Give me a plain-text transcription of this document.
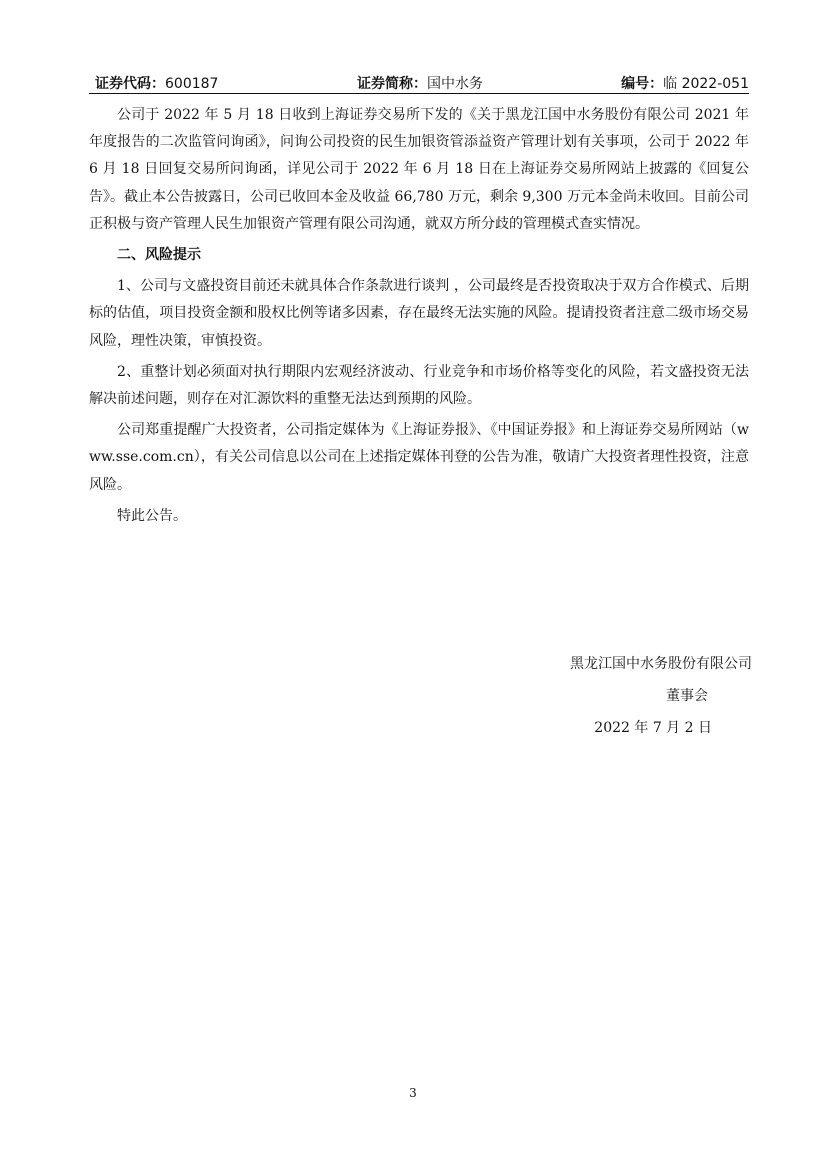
证券代码：600187	证券简称：国中水务	编号：临 2022-051

公司于 2022 年 5 月 18 日收到上海证券交易所下发的《关于黑龙江国中水务股份有限公司 2021 年年度报告的二次监管问询函》，问询公司投资的民生加银资管添益资产管理计划有关事项，公司于 2022 年 6 月 18 日回复交易所问询函，详见公司于 2022 年 6 月 18 日在上海证券交易所网站上披露的《回复公告》。截止本公告披露日，公司已收回本金及收益 66,780 万元，剩余 9,300 万元本金尚未收回。目前公司正积极与资产管理人民生加银资产管理有限公司沟通，就双方所分歧的管理模式查实情况。

二、风险提示

1、公司与文盛投资目前还未就具体合作条款进行谈判 ，公司最终是否投资取决于双方合作模式、后期标的估值，项目投资金额和股权比例等诸多因素，存在最终无法实施的风险。提请投资者注意二级市场交易风险，理性决策，审慎投资。

2、重整计划必须面对执行期限内宏观经济波动、行业竞争和市场价格等变化的风险，若文盛投资无法解决前述问题，则存在对汇源饮料的重整无法达到预期的风险。

公司郑重提醒广大投资者，公司指定媒体为《上海证券报》、《中国证券报》和上海证券交易所网站（www.sse.com.cn），有关公司信息以公司在上述指定媒体刊登的公告为准，敬请广大投资者理性投资，注意风险。

特此公告。

黑龙江国中水务股份有限公司
董事会
2022 年 7 月 2 日
3
